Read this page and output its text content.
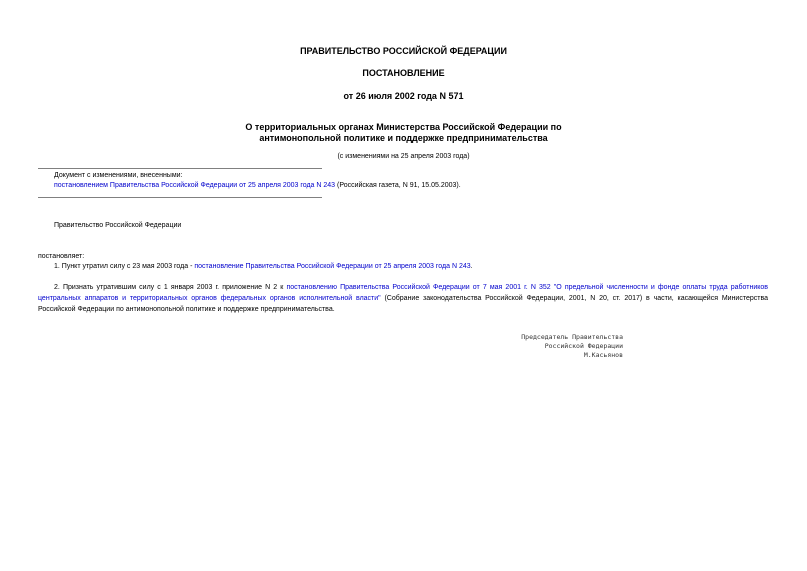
ПРАВИТЕЛЬСТВО РОССИЙСКОЙ ФЕДЕРАЦИИ
ПОСТАНОВЛЕНИЕ
от 26 июля 2002 года N 571
О территориальных органах Министерства Российской Федерации по
антимонопольной политике и поддержке предпринимательства
(с изменениями на 25 апреля 2003 года)
Документ с изменениями, внесенными:
постановлением Правительства Российской Федерации от 25 апреля 2003 года N 243 (Российская газета, N 91, 15.05.2003).
Правительство Российской Федерации
постановляет:
1. Пункт утратил силу с 23 мая 2003 года - постановление Правительства Российской Федерации от 25 апреля 2003 года N 243.
2. Признать утратившим силу с 1 января 2003 г. приложение N 2 к постановлению Правительства Российской Федерации от 7 мая 2001 г. N 352 "О предельной численности и фонде оплаты труда работников центральных аппаратов и территориальных органов федеральных органов исполнительной власти" (Собрание законодательства Российской Федерации, 2001, N 20, ст. 2017) в части, касающейся Министерства Российской Федерации по антимонопольной политике и поддержке предпринимательства.
Председатель Правительства
Российской Федерации
М.Касьянов
